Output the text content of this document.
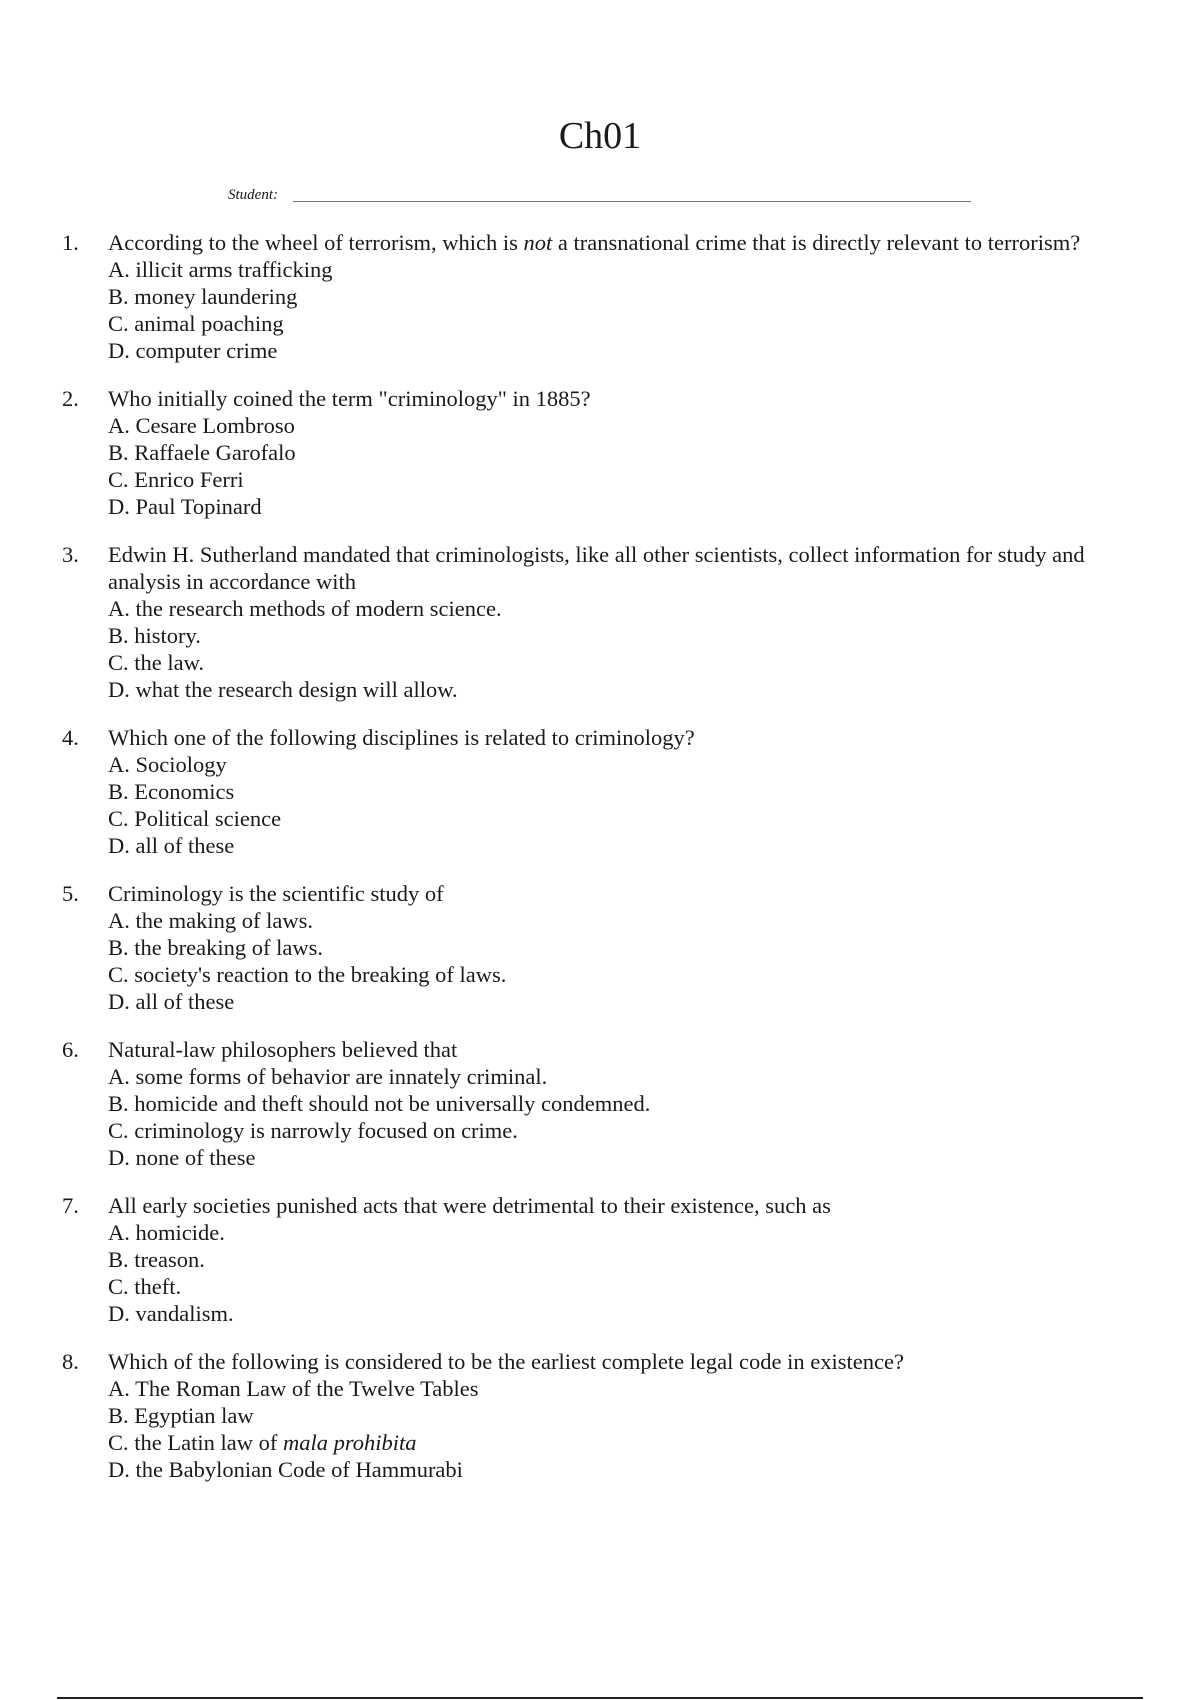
Ch01
Student:
1. According to the wheel of terrorism, which is not a transnational crime that is directly relevant to terrorism?
A. illicit arms trafficking
B. money laundering
C. animal poaching
D. computer crime
2. Who initially coined the term "criminology" in 1885?
A. Cesare Lombroso
B. Raffaele Garofalo
C. Enrico Ferri
D. Paul Topinard
3. Edwin H. Sutherland mandated that criminologists, like all other scientists, collect information for study and analysis in accordance with
A. the research methods of modern science.
B. history.
C. the law.
D. what the research design will allow.
4. Which one of the following disciplines is related to criminology?
A. Sociology
B. Economics
C. Political science
D. all of these
5. Criminology is the scientific study of
A. the making of laws.
B. the breaking of laws.
C. society's reaction to the breaking of laws.
D. all of these
6. Natural-law philosophers believed that
A. some forms of behavior are innately criminal.
B. homicide and theft should not be universally condemned.
C. criminology is narrowly focused on crime.
D. none of these
7. All early societies punished acts that were detrimental to their existence, such as
A. homicide.
B. treason.
C. theft.
D. vandalism.
8. Which of the following is considered to be the earliest complete legal code in existence?
A. The Roman Law of the Twelve Tables
B. Egyptian law
C. the Latin law of mala prohibita
D. the Babylonian Code of Hammurabi
